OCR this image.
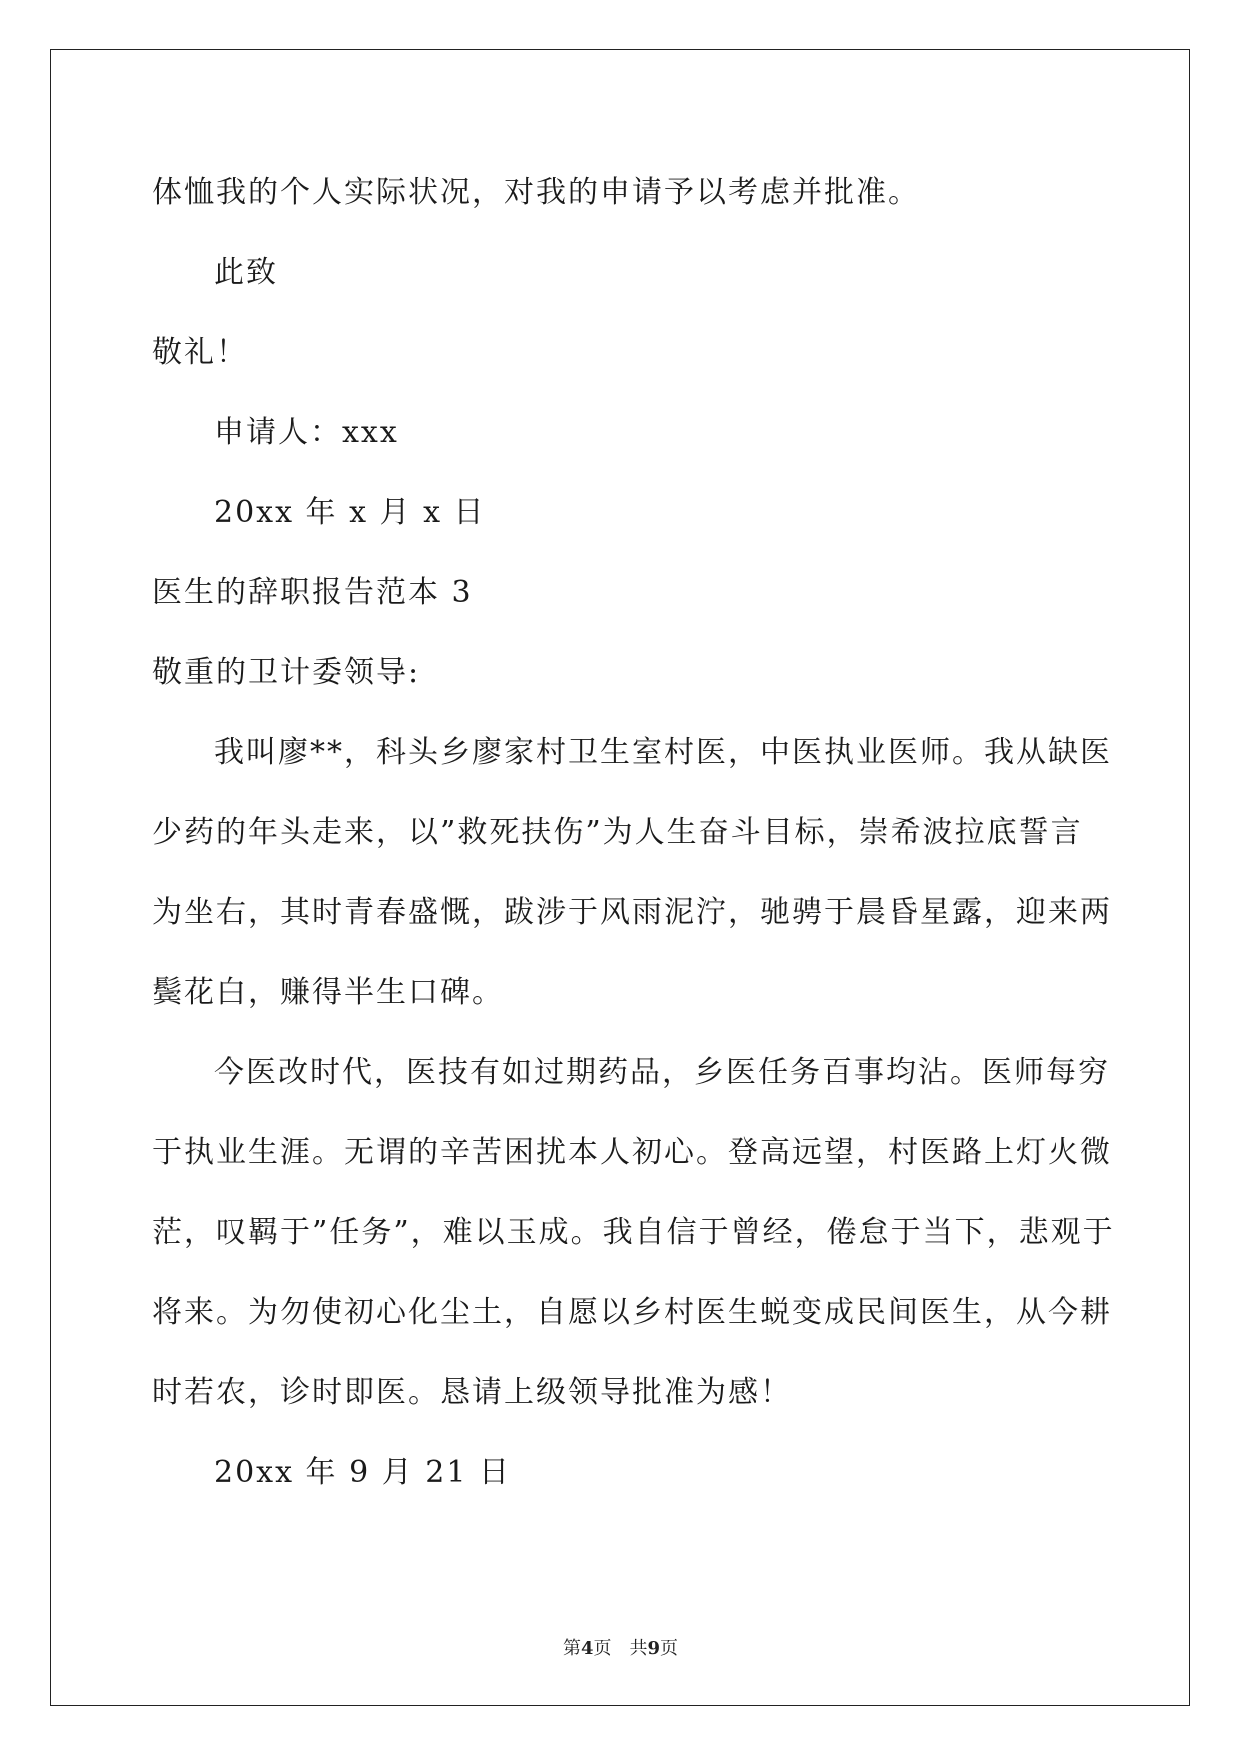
体恤我的个人实际状况，对我的申请予以考虑并批准。
此致
敬礼！
申请人：xxx
20xx 年 x 月 x 日
医生的辞职报告范本 3
敬重的卫计委领导:
我叫廖**，科头乡廖家村卫生室村医，中医执业医师。我从缺医
少药的年头走来，以”救死扶伤”为人生奋斗目标，崇希波拉底誓言
为坐右，其时青春盛慨，跋涉于风雨泥泞，驰骋于晨昏星露，迎来两
鬓花白，赚得半生口碑。
今医改时代，医技有如过期药品，乡医任务百事均沾。医师每穷
于执业生涯。无谓的辛苦困扰本人初心。登高远望，村医路上灯火微
茫，叹羁于”任务”，难以玉成。我自信于曾经，倦怠于当下，悲观于
将来。为勿使初心化尘土，自愿以乡村医生蜕变成民间医生，从今耕
时若农，诊时即医。恳请上级领导批准为感！
20xx 年 9 月 21 日
第4页　共9页
